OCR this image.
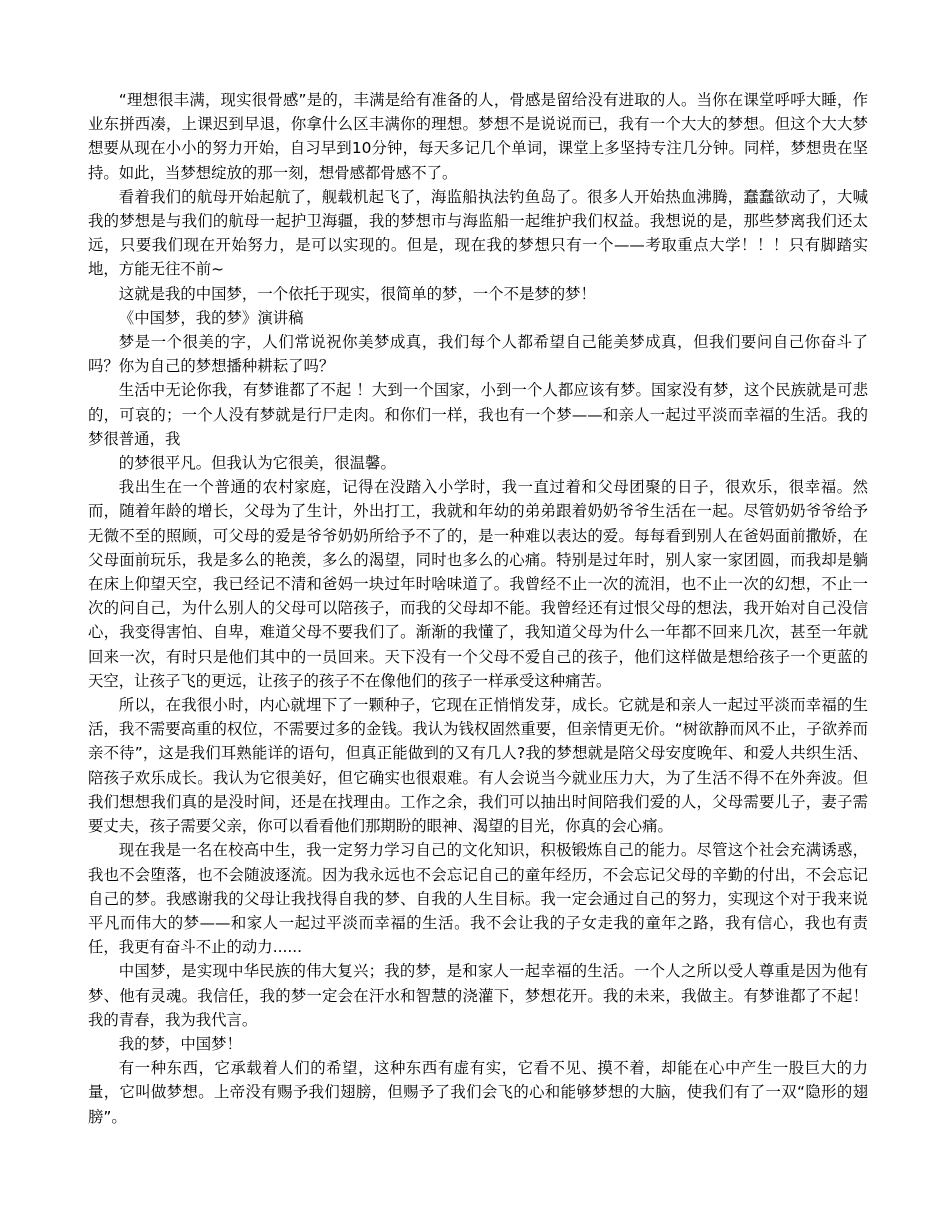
“理想很丰满，现实很骨感”是的，丰满是给有准备的人，骨感是留给没有进取的人。当你在课堂呼呼大睡，作业东拼西凑，上课迟到早退，你拿什么区丰满你的理想。梦想不是说说而已，我有一个大大的梦想。但这个大大梦想要从现在小小的努力开始，自习早到10分钟，每天多记几个单词，课堂上多坚持专注几分钟。同样，梦想贵在坚持。如此，当梦想绽放的那一刻，想骨感都骨感不了。

看着我们的航母开始起航了，舰载机起飞了，海监船执法钓鱼岛了。很多人开始热血沸腾，蠢蠢欲动了，大喊我的梦想是与我们的航母一起护卫海疆，我的梦想市与海监船一起维护我们权益。我想说的是，那些梦离我们还太远，只要我们现在开始努力，是可以实现的。但是，现在我的梦想只有一个——考取重点大学！！！只有脚踏实地，方能无往不前~

这就是我的中国梦，一个依托于现实，很简单的梦，一个不是梦的梦！

《中国梦，我的梦》演讲稿

梦是一个很美的字，人们常说祝你美梦成真，我们每个人都希望自己能美梦成真，但我们要问自己你奋斗了吗？你为自己的梦想播种耕耘了吗？

生活中无论你我，有梦谁都了不起 ！大到一个国家，小到一个人都应该有梦。国家没有梦，这个民族就是可悲的，可哀的；一个人没有梦就是行尸走肉。和你们一样，我也有一个梦——和亲人一起过平淡而幸福的生活。我的梦很普通，我

的梦很平凡。但我认为它很美，很温馨。

我出生在一个普通的农村家庭，记得在没踏入小学时，我一直过着和父母团聚的日子，很欢乐，很幸福。然而，随着年龄的增长，父母为了生计，外出打工，我就和年幼的弟弟跟着奶奶爷爷生活在一起。尽管奶奶爷爷给予无微不至的照顾，可父母的爱是爷爷奶奶所给予不了的，是一种难以表达的爱。每每看到别人在爸妈面前撒娇，在父母面前玩乐，我是多么的艳羡，多么的渴望，同时也多么的心痛。特别是过年时，别人家一家团圆，而我却是躺在床上仰望天空，我已经记不清和爸妈一块过年时啥味道了。我曾经不止一次的流泪，也不止一次的幻想，不止一次的问自己，为什么别人的父母可以陪孩子，而我的父母却不能。我曾经还有过恨父母的想法，我开始对自己没信心，我变得害怕、自卑，难道父母不要我们了。渐渐的我懂了，我知道父母为什么一年都不回来几次，甚至一年就回来一次，有时只是他们其中的一员回来。天下没有一个父母不爱自己的孩子，他们这样做是想给孩子一个更蓝的天空，让孩子飞的更远，让孩子的孩子不在像他们的孩子一样承受这种痛苦。

所以，在我很小时，内心就埋下了一颗种子，它现在正悄悄发芽，成长。它就是和亲人一起过平淡而幸福的生活，我不需要高重的权位，不需要过多的金钱。我认为钱权固然重要，但亲情更无价。“树欲静而风不止，子欲养而亲不待”，这是我们耳熟能详的语句，但真正能做到的又有几人?我的梦想就是陪父母安度晚年、和爱人共织生活、陪孩子欢乐成长。我认为它很美好，但它确实也很艰难。有人会说当今就业压力大，为了生活不得不在外奔波。但我们想想我们真的是没时间，还是在找理由。工作之余，我们可以抽出时间陪我们爱的人，父母需要儿子，妻子需要丈夫，孩子需要父亲，你可以看看他们那期盼的眼神、渴望的目光，你真的会心痛。

现在我是一名在校高中生，我一定努力学习自己的文化知识，积极锻炼自己的能力。尽管这个社会充满诱惑，我也不会堕落，也不会随波逐流。因为我永远也不会忘记自己的童年经历，不会忘记父母的辛勤的付出，不会忘记自己的梦。我感谢我的父母让我找得自我的梦、自我的人生目标。我一定会通过自己的努力，实现这个对于我来说平凡而伟大的梦——和家人一起过平淡而幸福的生活。我不会让我的子女走我的童年之路，我有信心，我也有责任，我更有奋斗不止的动力......

中国梦，是实现中华民族的伟大复兴；我的梦，是和家人一起幸福的生活。一个人之所以受人尊重是因为他有梦、他有灵魂。我信任，我的梦一定会在汗水和智慧的浇灌下，梦想花开。我的未来，我做主。有梦谁都了不起！我的青春，我为我代言。

我的梦，中国梦！

有一种东西，它承载着人们的希望，这种东西有虚有实，它看不见、摸不着，却能在心中产生一股巨大的力量，它叫做梦想。上帝没有赐予我们翅膀，但赐予了我们会飞的心和能够梦想的大脑，使我们有了一双“隐形的翅膀”。
